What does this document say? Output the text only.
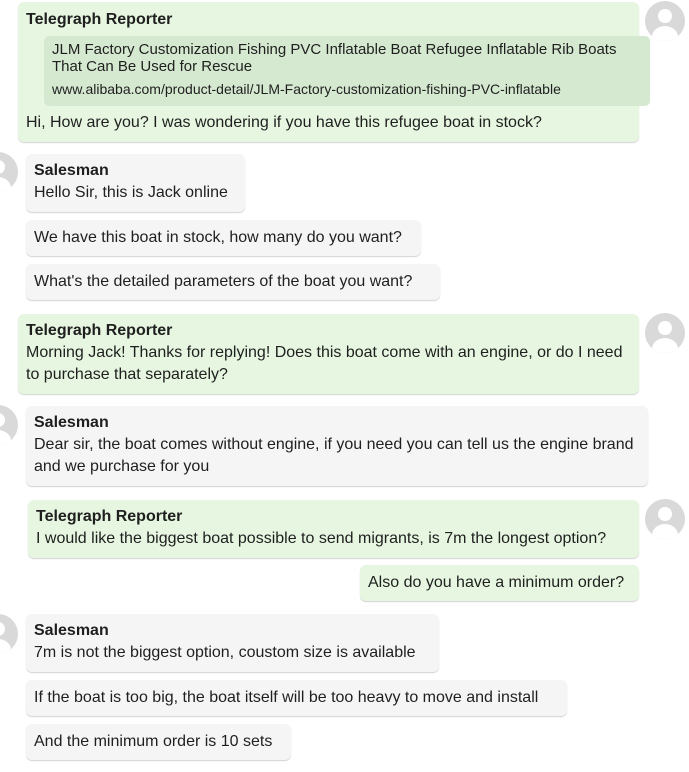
Telegraph Reporter
JLM Factory Customization Fishing PVC Inflatable Boat Refugee Inflatable Rib Boats That Can Be Used for Rescue
www.alibaba.com/product-detail/JLM-Factory-customization-fishing-PVC-inflatable
Hi, How are you? I was wondering if you have this refugee boat in stock?
Salesman
Hello Sir, this is Jack online
We have this boat in stock, how many do you want?
What's the detailed parameters of the boat you want?
Telegraph Reporter
Morning Jack! Thanks for replying! Does this boat come with an engine, or do I need to purchase that separately?
Salesman
Dear sir, the boat comes without engine, if you need you can tell us the engine brand and we purchase for you
Telegraph Reporter
I would like the biggest boat possible to send migrants, is 7m the longest option?
Also do you have a minimum order?
Salesman
7m is not the biggest option, coustom size is available
If the boat is too big, the boat itself will be too heavy to move and install
And the minimum order is 10 sets
